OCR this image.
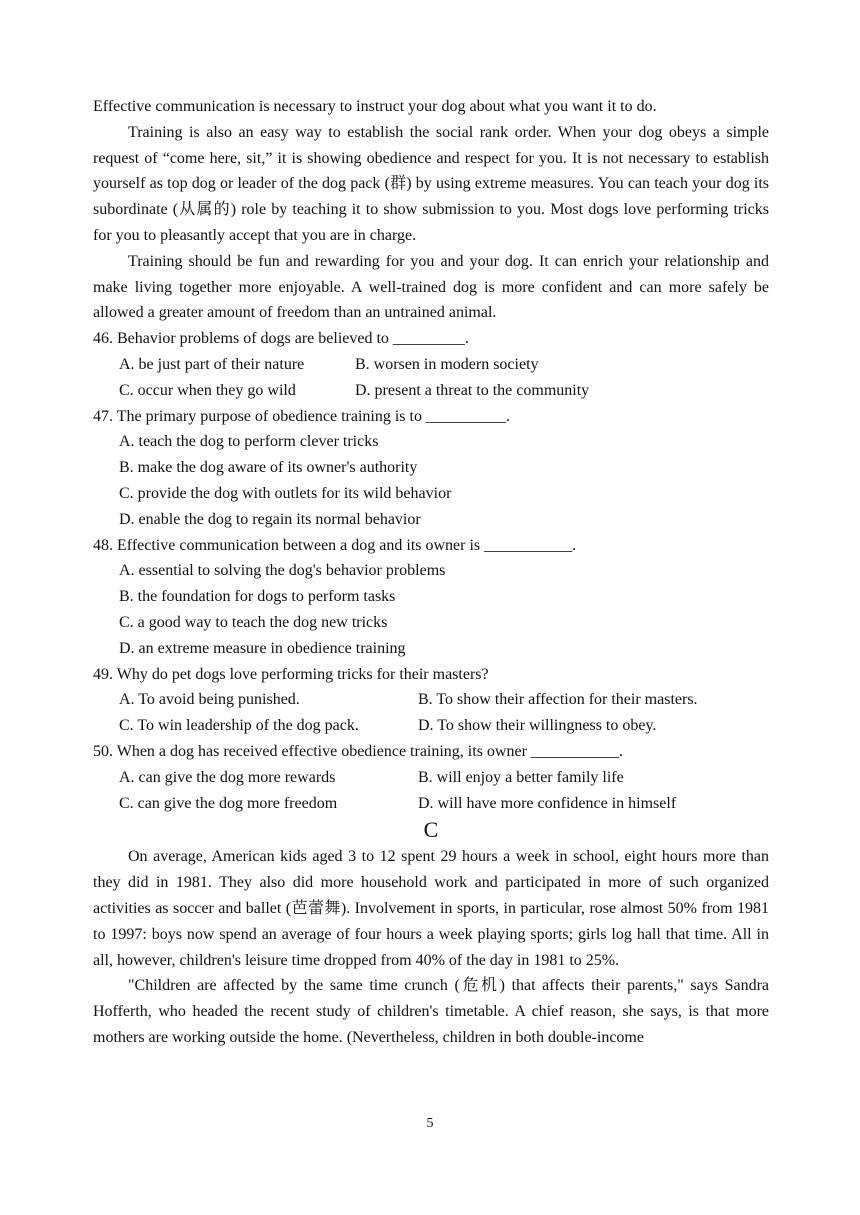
Effective communication is necessary to instruct your dog about what you want it to do.

Training is also an easy way to establish the social rank order. When your dog obeys a simple request of “come here, sit,” it is showing obedience and respect for you. It is not necessary to establish yourself as top dog or leader of the dog pack (群) by using extreme measures. You can teach your dog its subordinate (从属的) role by teaching it to show submission to you. Most dogs love performing tricks for you to pleasantly accept that you are in charge.

Training should be fun and rewarding for you and your dog. It can enrich your relationship and make living together more enjoyable. A well-trained dog is more confident and can more safely be allowed a greater amount of freedom than an untrained animal.

46. Behavior problems of dogs are believed to _________.

A. be just part of their nature	B. worsen in modern society
C. occur when they go wild	D. present a threat to the community

47. The primary purpose of obedience training is to __________.

A. teach the dog to perform clever tricks

B. make the dog aware of its owner's authority

C. provide the dog with outlets for its wild behavior

D. enable the dog to regain its normal behavior

48. Effective communication between a dog and its owner is ___________.

A. essential to solving the dog's behavior problems

B. the foundation for dogs to perform tasks

C. a good way to teach the dog new tricks

D. an extreme measure in obedience training

49. Why do pet dogs love performing tricks for their masters?

A. To avoid being punished.	B. To show their affection for their masters.
C. To win leadership of the dog pack.	D. To show their willingness to obey.

50. When a dog has received effective obedience training, its owner ___________.

A. can give the dog more rewards	B. will enjoy a better family life
C. can give the dog more freedom	D. will have more confidence in himself

C

On average, American kids aged 3 to 12 spent 29 hours a week in school, eight hours more than they did in 1981. They also did more household work and participated in more of such organized activities as soccer and ballet (芭蕾舞). Involvement in sports, in particular, rose almost 50% from 1981 to 1997: boys now spend an average of four hours a week playing sports; girls log hall that time. All in all, however, children's leisure time dropped from 40% of the day in 1981 to 25%.

"Children are affected by the same time crunch (危机) that affects their parents," says Sandra Hofferth, who headed the recent study of children's timetable. A chief reason, she says, is that more mothers are working outside the home. (Nevertheless, children in both double-income

5
